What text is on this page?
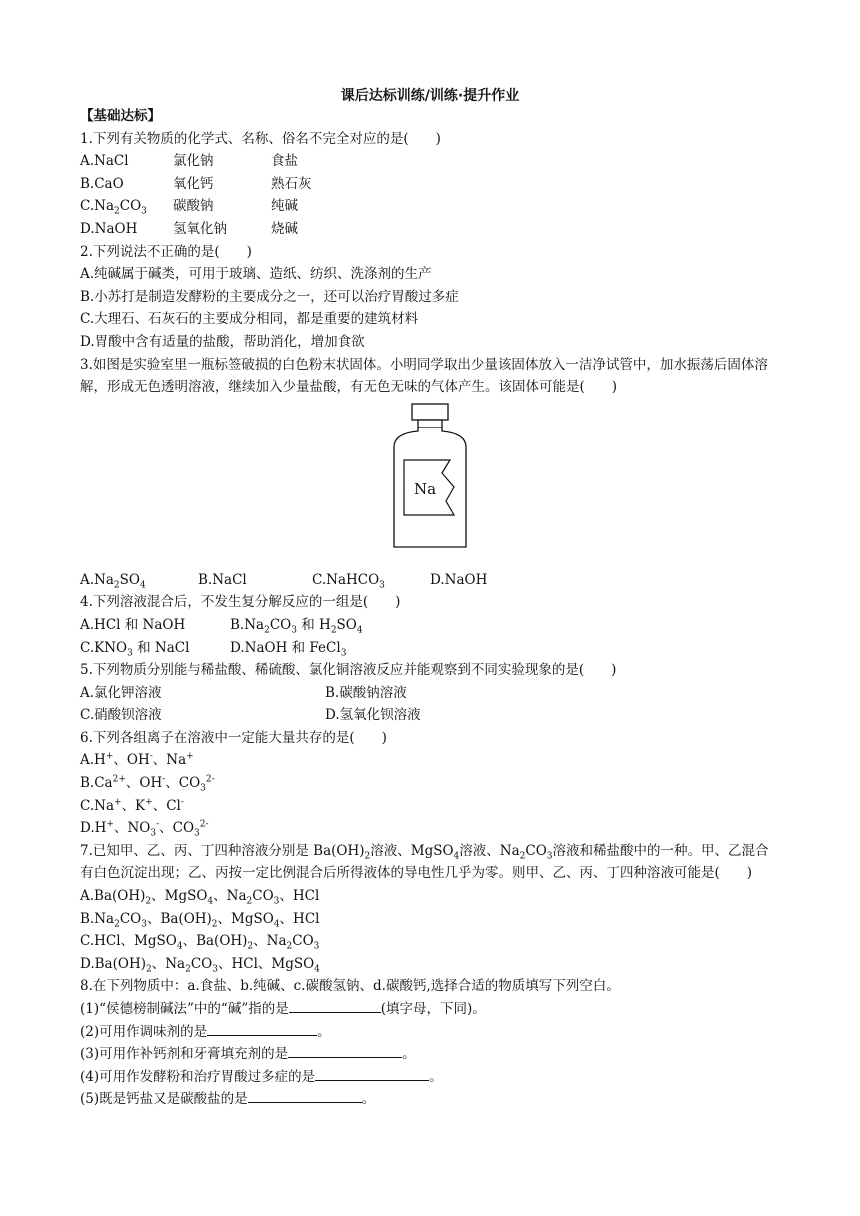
课后达标训练/训练·提升作业
【基础达标】
1.下列有关物质的化学式、名称、俗名不完全对应的是(　　)
A.NaCl	氯化钠	食盐
B.CaO	氧化钙	熟石灰
$C.Na_2CO_3$ 碳酸钠	纯碱
D.NaOH	氢氧化钠	烧碱
2.下列说法不正确的是(　　)
A.纯碱属于碱类，可用于玻璃、造纸、纺织、洗涤剂的生产
B.小苏打是制造发酵粉的主要成分之一，还可以治疗胃酸过多症
C.大理石、石灰石的主要成分相同，都是重要的建筑材料
D.胃酸中含有适量的盐酸，帮助消化，增加食欲
3.如图是实验室里一瓶标签破损的白色粉末状固体。小明同学取出少量该固体放入一洁净试管中，加水振荡后固体溶解，形成无色透明溶液，继续加入少量盐酸，有无色无味的气体产生。该固体可能是(　　)
Na
$A.Na_2SO_4$	B.NaCl	C.NaHCO$_3$	D.NaOH
4.下列溶液混合后，不发生复分解反应的一组是(　　)
A.HCl 和 NaOH	$B.Na_2CO_3$ 和 $H_2SO_4$
$C.KNO_3$ 和 NaCl	D.NaOH 和 FeCl$_3$
5.下列物质分别能与稀盐酸、稀硫酸、氯化铜溶液反应并能观察到不同实验现象的是(　　)
A.氯化钾溶液	B.碳酸钠溶液
C.硝酸钡溶液	D.氢氧化钡溶液
6.下列各组离子在溶液中一定能大量共存的是(　　)
A.H+、OH-、Na+
$B.Ca^{2+}$、OH-、$CO_3^{2-}$
C.Na+、K+、Cl-
D.H+、$NO_3^-$、$CO_3^{2-}$
7.已知甲、乙、丙、丁四种溶液分别是 $Ba(OH)_2$溶液、MgSO$_4$溶液、$Na_2CO_3$溶液和稀盐酸中的一种。甲、乙混合有白色沉淀出现；乙、丙按一定比例混合后所得液体的导电性几乎为零。则甲、乙、丙、丁四种溶液可能是(　　)
$A.Ba(OH)_2$、MgSO$_4$、$Na_2CO_3$、HCl
$B.Na_2CO_3$、$Ba(OH)_2$、MgSO$_4$、HCl
C.HCl、MgSO$_4$、$Ba(OH)_2$、$Na_2CO_3$
$D.Ba(OH)_2$、$Na_2CO_3$、HCl、MgSO$_4$
8.在下列物质中：a.食盐、b.纯碱、c.碳酸氢钠、d.碳酸钙,选择合适的物质填写下列空白。
(1)“侯德榜制碱法”中的“碱”指的是	(填字母，下同)。
(2)可用作调味剂的是	。
(3)可用作补钙剂和牙膏填充剂的是	。
(4)可用作发酵粉和治疗胃酸过多症的是	。
(5)既是钙盐又是碳酸盐的是	。
